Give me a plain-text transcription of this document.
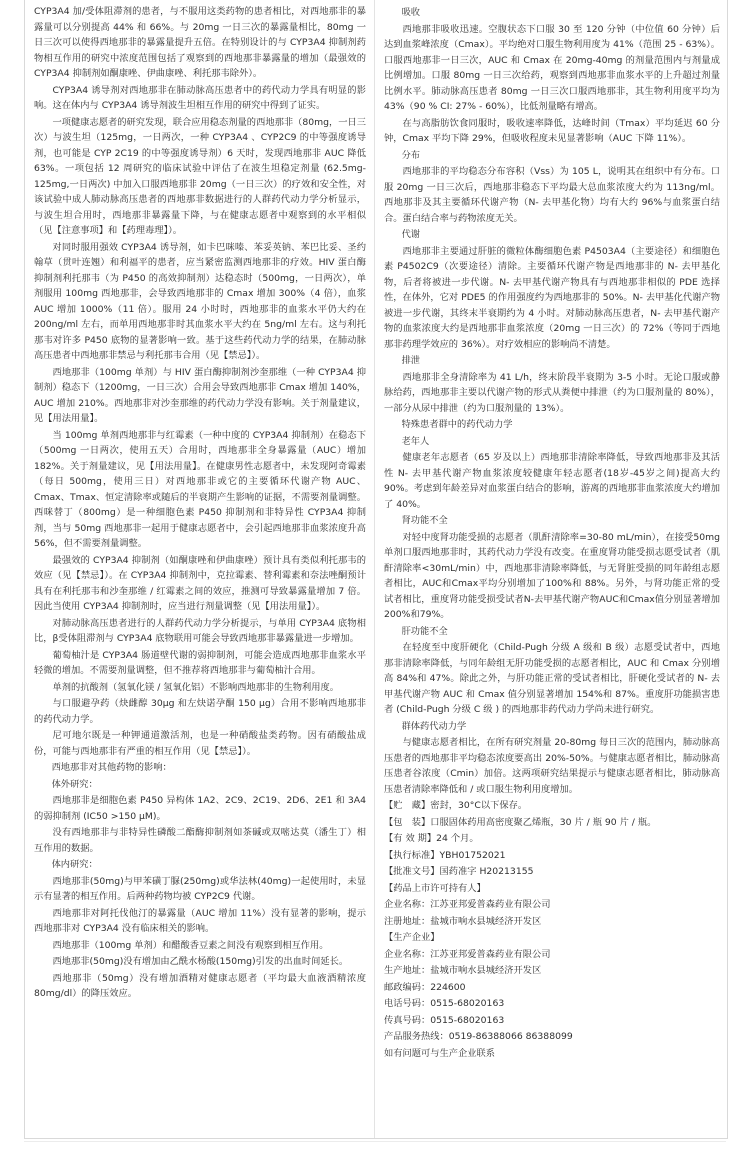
CYP3A4 加/受体阻滞剂的患者，与不服用这类药物的患者相比，对西地那非的暴露量可以分别提高 44% 和 66%。与 20mg 一日三次的暴露量相比，80mg 一日三次可以使得西地那非的暴露量提升五倍。在特别设计的与 CYP3A4 抑制剂药物相互作用的研究中浓度范围包括了观察到的西地那非暴露量的增加（最强效的 CYP3A4 抑制剂如酮康唑、伊曲康唑、利托那韦除外）。

CYP3A4 诱导剂对西地那非在肺动脉高压患者中的药代动力学具有明显的影响。这在体内与 CYP3A4 诱导剂波生坦相互作用的研究中得到了证实。

一项健康志愿者的研究发现，联合应用稳态剂量的西地那非（80mg，一日三次）与波生坦（125mg，一日两次，一种 CYP3A4 、CYP2C9 的中等强度诱导剂，也可能是 CYP 2C19 的中等强度诱导剂）6 天时，发现西地那非 AUC 降低 63%。一项包括 12 周研究的临床试验中评估了在波生坦稳定剂量 (62.5mg-125mg,一日两次) 中加入口服西地那非 20mg（一日三次）的疗效和安全性，对该试验中成人肺动脉高压患者的西地那非数据进行的人群药代动力学分析显示，与波生坦合用时，西地那非暴露量下降，与在健康志愿者中观察到的水平相似（见【注意事项】和【药理毒理】）。

对同时服用强效 CYP3A4 诱导剂，如卡巴咪嗪、苯妥英钠、苯巴比妥、圣约翰草（贯叶连翘）和利福平的患者，应当紧密监测西地那非的疗效。HIV 蛋白酶抑制剂利托那韦（为 P450 的高效抑制剂）达稳态时（500mg，一日两次），单剂服用 100mg 西地那非，会导致西地那非的 Cmax 增加 300%（4 倍），血浆 AUC 增加 1000%（11 倍）。服用 24 小时时，西地那非的血浆水平仍大约在 200ng/ml 左右，而单用西地那非时其血浆水平大约在 5ng/ml 左右。这与利托那韦对许多 P450 底物的显著影响一致。基于这些药代动力学的结果，在肺动脉高压患者中西地那非禁忌与利托那韦合用（见【禁忌】）。

西地那非（100mg 单剂）与 HIV 蛋白酶抑制剂沙奎那维（一种 CYP3A4 抑制剂）稳态下（1200mg，一日三次）合用会导致西地那非 Cmax 增加 140%，AUC 增加 210%。西地那非对沙奎那维的药代动力学没有影响。关于剂量建议，见【用法用量】。

当 100mg 单剂西地那非与红霉素（一种中度的 CYP3A4 抑制剂）在稳态下（500mg 一日两次，使用五天）合用时，西地那非全身暴露量（AUC）增加 182%。关于剂量建议，见【用法用量】。在健康男性志愿者中，未发现阿奇霉素（每日 500mg，使用三日）对西地那非或它的主要循环代谢产物 AUC、Cmax、Tmax、恒定清除率或随后的半衰期产生影响的证据，不需要剂量调整。西咪替丁（800mg）是一种细胞色素 P450 抑制剂和非特异性 CYP3A4 抑制剂，当与 50mg 西地那非一起用于健康志愿者中，会引起西地那非血浆浓度升高 56%，但不需要剂量调整。

最强效的 CYP3A4 抑制剂（如酮康唑和伊曲康唑）预计具有类似利托那韦的效应（见【禁忌】）。在 CYP3A4 抑制剂中，克拉霉素、替利霉素和奈法唑酮预计具有在利托那韦和沙奎那维 / 红霉素之间的效应，推测可导致暴露量增加 7 倍。因此当使用 CYP3A4 抑制剂时，应当进行剂量调整（见【用法用量】）。

对肺动脉高压患者进行的人群药代动力学分析提示，与单用 CYP3A4 底物相比，β受体阻滞剂与 CYP3A4 底物联用可能会导致西地那非暴露量进一步增加。

葡萄柚汁是 CYP3A4 肠道壁代谢的弱抑制剂，可能会造成西地那非血浆水平轻微的增加。不需要剂量调整，但不推荐将西地那非与葡萄柚汁合用。

单剂的抗酸剂（氢氧化镁 / 氢氧化铝）不影响西地那非的生物利用度。

与口服避孕药（炔雌醇 30μg 和左炔诺孕酮 150 μg）合用不影响西地那非的药代动力学。

尼可地尔既是一种钾通道激活剂，也是一种硝酸盐类药物。因有硝酸盐成份，可能与西地那非有严重的相互作用（见【禁忌】）。

西地那非对其他药物的影响：

体外研究：

西地那非是细胞色素 P450 异构体 1A2、2C9、2C19、2D6、2E1 和 3A4 的弱抑制剂 (IC50 >150 μM)。

没有西地那非与非特异性磷酸二酯酶抑制剂如茶碱或双嘧达莫（潘生丁）相互作用的数据。

体内研究：

西地那非(50mg)与甲苯磺丁脲(250mg)或华法林(40mg)一起使用时，未显示有显著的相互作用。后两种药物均被 CYP2C9 代谢。

西地那非对阿托伐他汀的暴露量（AUC 增加 11%）没有显著的影响，提示西地那非对 CYP3A4 没有临床相关的影响。

西地那非（100mg 单剂）和醋酸香豆素之间没有观察到相互作用。

西地那非(50mg)没有增加由乙酰水杨酸(150mg)引发的出血时间延长。

西地那非（50mg）没有增加酒精对健康志愿者（平均最大血液酒精浓度 80mg/dl）的降压效应。

吸收

西地那非吸收迅速。空腹状态下口服 30 至 120 分钟（中位值 60 分钟）后达到血浆峰浓度（Cmax）。平均绝对口服生物利用度为 41%（范围 25 - 63%）。口服西地那非一日三次，AUC 和 Cmax 在 20mg-40mg 的剂量范围内与剂量成比例增加。口服 80mg 一日三次给药，观察到西地那非血浆水平的上升超过剂量比例水平。肺动脉高压患者 80mg 一日三次口服西地那非，其生物利用度平均为 43%（90 % CI: 27% - 60%），比低剂量略有增高。

在与高脂肪饮食同服时，吸收速率降低，达峰时间（Tmax）平均延迟 60 分钟，Cmax 平均下降 29%，但吸收程度未见显著影响（AUC 下降 11%）。

分布

西地那非的平均稳态分布容积（Vss）为 105 L，说明其在组织中有分布。口服 20mg 一日三次后，西地那非稳态下平均最大总血浆浓度大约为 113ng/ml。西地那非及其主要循环代谢产物（N- 去甲基化物）均有大约 96%与血浆蛋白结合。蛋白结合率与药物浓度无关。

代谢

西地那非主要通过肝脏的微粒体酶细胞色素 P4503A4（主要途径）和细胞色素 P4502C9（次要途径）清除。主要循环代谢产物是西地那非的 N- 去甲基化物，后者将被进一步代谢。N- 去甲基代谢产物具有与西地那非相似的 PDE 选择性，在体外，它对 PDE5 的作用强度约为西地那非的 50%。N- 去甲基化代谢产物被进一步代谢，其终末半衰期约为 4 小时。对肺动脉高压患者，N- 去甲基代谢产物的血浆浓度大约是西地那非血浆浓度（20mg 一日三次）的 72%（等同于西地那非药理学效应的 36%）。对疗效相应的影响尚不清楚。

排泄

西地那非全身清除率为 41 L/h，终末阶段半衰期为 3-5 小时。无论口服或静脉给药，西地那非主要以代谢产物的形式从粪便中排泄（约为口服剂量的 80%），一部分从尿中排泄（约为口服剂量的 13%）。

特殊患者群中的药代动力学

老年人

健康老年志愿者（65 岁及以上）西地那非清除率降低，导致西地那非及其活性 N- 去甲基代谢产物血浆浓度较健康年轻志愿者(18岁-45岁之间)提高大约 90%。考虑到年龄差异对血浆蛋白结合的影响，游离的西地那非血浆浓度大约增加了 40%。

肾功能不全

对轻中度肾功能受损的志愿者（肌酐清除率=30-80 mL/min），在接受50mg单剂口服西地那非时，其药代动力学没有改变。在重度肾功能受损志愿受试者（肌酐清除率<30mL/min）中，西地那非清除率降低，与无肾脏受损的同年龄组志愿者相比，AUC和Cmax平均分别增加了100%和 88%。另外，与肾功能正常的受试者相比，重度肾功能受损受试者N-去甲基代谢产物AUC和Cmax值分别显著增加200%和79%。

肝功能不全

在轻度至中度肝硬化（Child-Pugh 分级 A 级和 B 级）志愿受试者中，西地那非清除率降低，与同年龄组无肝功能受损的志愿者相比，AUC 和 Cmax 分别增高 84%和 47%。除此之外，与肝功能正常的受试者相比，肝硬化受试者的 N- 去甲基代谢产物 AUC 和 Cmax 值分别显著增加 154%和 87%。重度肝功能损害患者 (Child-Pugh 分级 C 级 ) 的西地那非药代动力学尚未进行研究。

群体药代动力学

与健康志愿者相比，在所有研究剂量 20-80mg 每日三次的范围内，肺动脉高压患者的西地那非平均稳态浓度要高出 20%-50%。与健康志愿者相比，肺动脉高压患者谷浓度（Cmin）加倍。这两项研究结果提示与健康志愿者相比，肺动脉高压患者清除率降低和 / 或口服生物利用度增加。

【贮　藏】密封，30°C以下保存。

【包　装】口服固体药用高密度聚乙烯瓶，30 片 / 瓶 90 片 / 瓶。

【有 效 期】24 个月。

【执行标准】YBH01752021

【批准文号】国药准字 H20213155

【药品上市许可持有人】

企业名称：江苏亚邦爱普森药业有限公司

注册地址：盐城市响水县城经济开发区

【生产企业】

企业名称：江苏亚邦爱普森药业有限公司

生产地址：盐城市响水县城经济开发区

邮政编码：224600

电话号码：0515-68020163

传真号码：0515-68020163

产品服务热线：0519-86388066 86388099

如有问题可与生产企业联系
